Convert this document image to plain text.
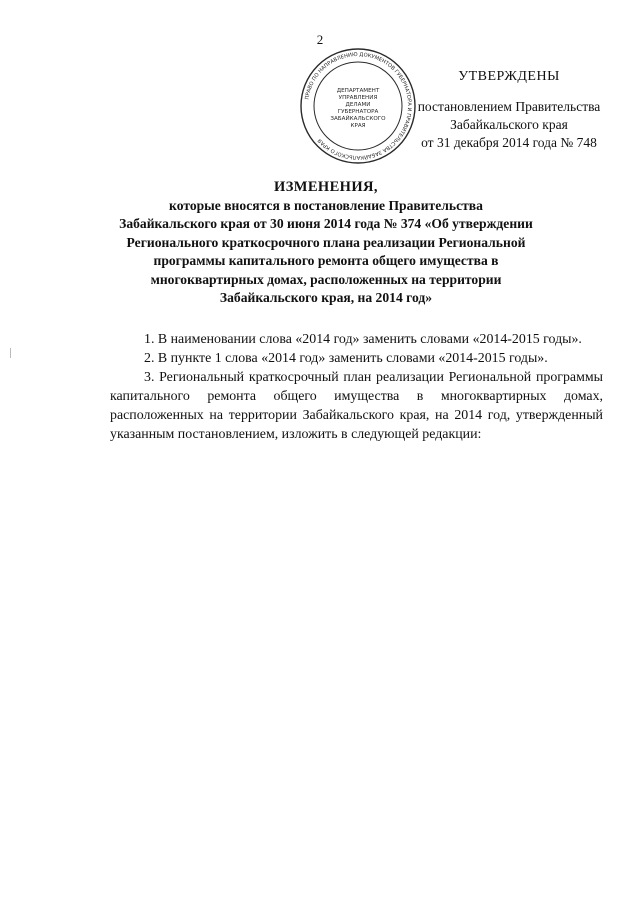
2
ПРАВО ПО НАПРАВЛЕНИЮ ДОКУМЕНТОВ ГУБЕРНАТОРА И ПРАВИТЕЛЬСТВА ЗАБАЙКАЛЬСКОГО КРАЯ
ДЕПАРТАМЕНТ
УПРАВЛЕНИЯ
ДЕЛАМИ
ГУБЕРНАТОРА
ЗАБАЙКАЛЬСКОГО
КРАЯ
УТВЕРЖДЕНЫ
постановлением Правительства
Забайкальского края
от 31 декабря 2014 года № 748
ИЗМЕНЕНИЯ,
которые вносятся в постановление Правительства
Забайкальского края от 30 июня 2014 года № 374 «Об утверждении
Регионального краткосрочного плана реализации Региональной
программы капитального ремонта общего имущества в
многоквартирных домах, расположенных на территории
Забайкальского края, на 2014 год»

1. В наименовании слова «2014 год» заменить словами «2014-2015 годы».

2. В пункте 1 слова «2014 год» заменить словами «2014-2015 годы».

3. Региональный краткосрочный план реализации Региональной программы капитального ремонта общего имущества в многоквартирных домах, расположенных на территории Забайкальского края, на 2014 год, утвержденный указанным постановлением, изложить в следующей редакции:
